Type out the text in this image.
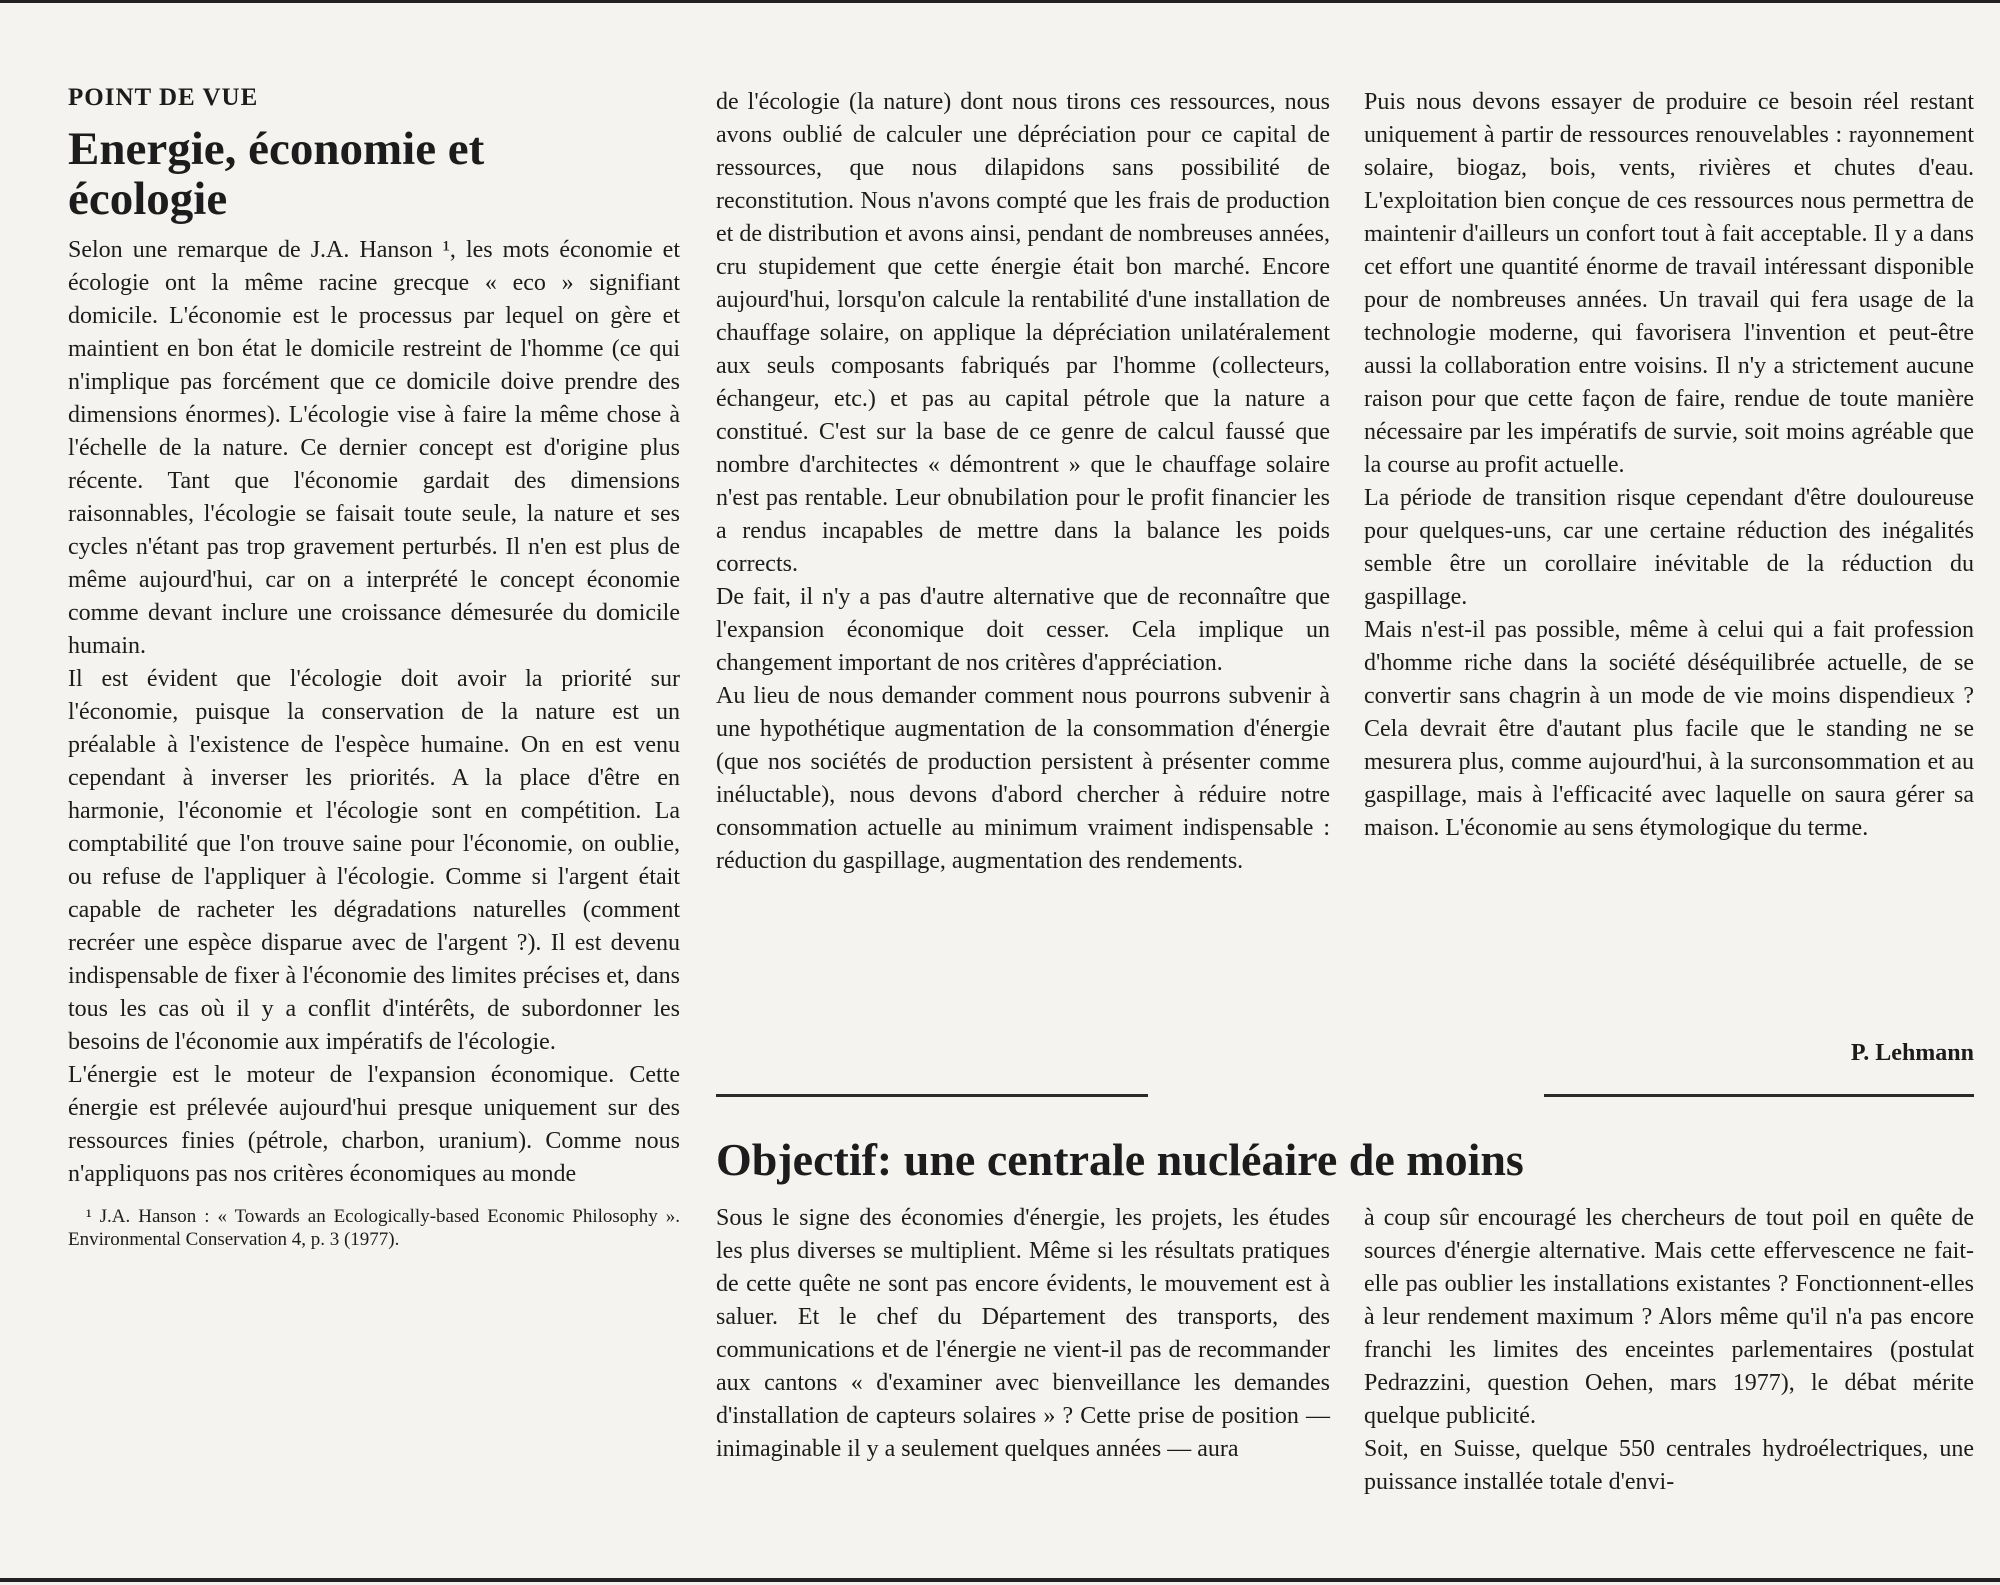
POINT DE VUE

Energie, économie et écologie

Selon une remarque de J.A. Hanson ¹, les mots économie et écologie ont la même racine grecque « eco » signifiant domicile. L'économie est le processus par lequel on gère et maintient en bon état le domicile restreint de l'homme (ce qui n'implique pas forcément que ce domicile doive prendre des dimensions énormes). L'écologie vise à faire la même chose à l'échelle de la nature. Ce dernier concept est d'origine plus récente. Tant que l'économie gardait des dimensions raisonnables, l'écologie se faisait toute seule, la nature et ses cycles n'étant pas trop gravement perturbés. Il n'en est plus de même aujourd'hui, car on a interprété le concept économie comme devant inclure une croissance démesurée du domicile humain.

Il est évident que l'écologie doit avoir la priorité sur l'économie, puisque la conservation de la nature est un préalable à l'existence de l'espèce humaine. On en est venu cependant à inverser les priorités. A la place d'être en harmonie, l'économie et l'écologie sont en compétition. La comptabilité que l'on trouve saine pour l'économie, on oublie, ou refuse de l'appliquer à l'écologie. Comme si l'argent était capable de racheter les dégradations naturelles (comment recréer une espèce disparue avec de l'argent ?). Il est devenu indispensable de fixer à l'économie des limites précises et, dans tous les cas où il y a conflit d'intérêts, de subordonner les besoins de l'économie aux impératifs de l'écologie.

L'énergie est le moteur de l'expansion économique. Cette énergie est prélevée aujourd'hui presque uniquement sur des ressources finies (pétrole, charbon, uranium). Comme nous n'appliquons pas nos critères économiques au monde

¹ J.A. Hanson : « Towards an Ecologically-based Economic Philosophy ». Environmental Conservation 4, p. 3 (1977).

de l'écologie (la nature) dont nous tirons ces ressources, nous avons oublié de calculer une dépréciation pour ce capital de ressources, que nous dilapidons sans possibilité de reconstitution. Nous n'avons compté que les frais de production et de distribution et avons ainsi, pendant de nombreuses années, cru stupidement que cette énergie était bon marché. Encore aujourd'hui, lorsqu'on calcule la rentabilité d'une installation de chauffage solaire, on applique la dépréciation unilatéralement aux seuls composants fabriqués par l'homme (collecteurs, échangeur, etc.) et pas au capital pétrole que la nature a constitué. C'est sur la base de ce genre de calcul faussé que nombre d'architectes « démontrent » que le chauffage solaire n'est pas rentable. Leur obnubilation pour le profit financier les a rendus incapables de mettre dans la balance les poids corrects.

De fait, il n'y a pas d'autre alternative que de reconnaître que l'expansion économique doit cesser. Cela implique un changement important de nos critères d'appréciation.

Au lieu de nous demander comment nous pourrons subvenir à une hypothétique augmentation de la consommation d'énergie (que nos sociétés de production persistent à présenter comme inéluctable), nous devons d'abord chercher à réduire notre consommation actuelle au minimum vraiment indispensable : réduction du gaspillage, augmentation des rendements.

Puis nous devons essayer de produire ce besoin réel restant uniquement à partir de ressources renouvelables : rayonnement solaire, biogaz, bois, vents, rivières et chutes d'eau. L'exploitation bien conçue de ces ressources nous permettra de maintenir d'ailleurs un confort tout à fait acceptable. Il y a dans cet effort une quantité énorme de travail intéressant disponible pour de nombreuses années. Un travail qui fera usage de la technologie moderne, qui favorisera l'invention et peut-être aussi la collaboration entre voisins. Il n'y a strictement aucune raison pour que cette façon de faire, rendue de toute manière nécessaire par les impératifs de survie, soit moins agréable que la course au profit actuelle.

La période de transition risque cependant d'être douloureuse pour quelques-uns, car une certaine réduction des inégalités semble être un corollaire inévitable de la réduction du gaspillage.

Mais n'est-il pas possible, même à celui qui a fait profession d'homme riche dans la société déséquilibrée actuelle, de se convertir sans chagrin à un mode de vie moins dispendieux ? Cela devrait être d'autant plus facile que le standing ne se mesurera plus, comme aujourd'hui, à la surconsommation et au gaspillage, mais à l'efficacité avec laquelle on saura gérer sa maison. L'économie au sens étymologique du terme.

P. Lehmann
Objectif: une centrale nucléaire de moins

Sous le signe des économies d'énergie, les projets, les études les plus diverses se multiplient. Même si les résultats pratiques de cette quête ne sont pas encore évidents, le mouvement est à saluer. Et le chef du Département des transports, des communications et de l'énergie ne vient-il pas de recommander aux cantons « d'examiner avec bienveillance les demandes d'installation de capteurs solaires » ? Cette prise de position — inimaginable il y a seulement quelques années — aura

à coup sûr encouragé les chercheurs de tout poil en quête de sources d'énergie alternative. Mais cette effervescence ne fait-elle pas oublier les installations existantes ? Fonctionnent-elles à leur rendement maximum ? Alors même qu'il n'a pas encore franchi les limites des enceintes parlementaires (postulat Pedrazzini, question Oehen, mars 1977), le débat mérite quelque publicité.

Soit, en Suisse, quelque 550 centrales hydroélectriques, une puissance installée totale d'envi-
